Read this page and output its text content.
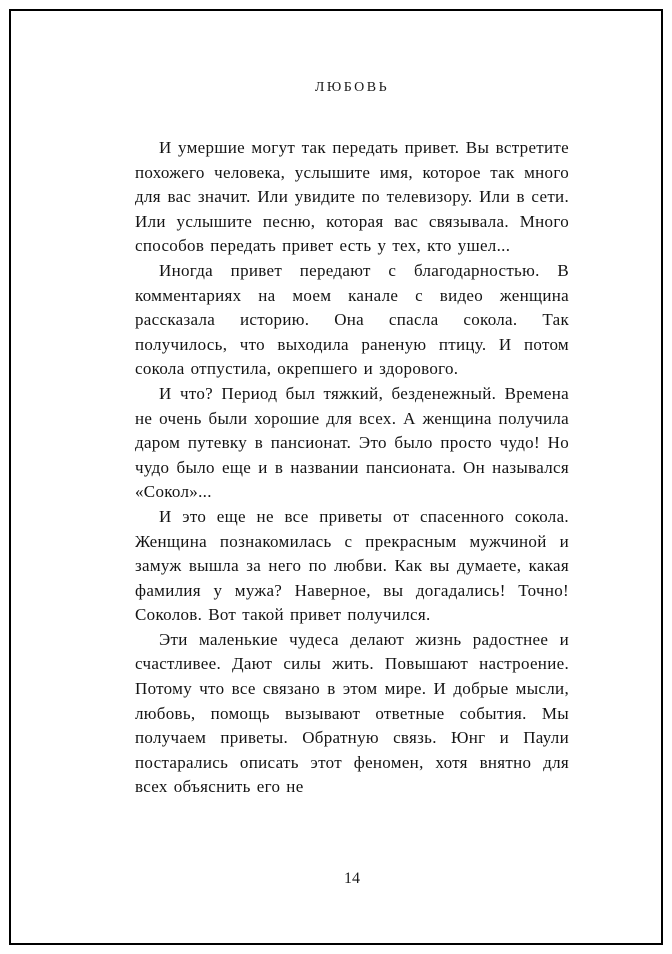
ЛЮБОВЬ

И умершие могут так передать привет. Вы встретите похожего человека, услышите имя, которое так много для вас значит. Или увидите по телевизору. Или в сети. Или услышите песню, которая вас связывала. Много способов передать привет есть у тех, кто ушел...

Иногда привет передают с благодарностью. В комментариях на моем канале с видео женщина рассказала историю. Она спасла сокола. Так получилось, что выходила раненую птицу. И потом сокола отпустила, окрепшего и здорового.

И что? Период был тяжкий, безденежный. Времена не очень были хорошие для всех. А женщина получила даром путевку в пансионат. Это было просто чудо! Но чудо было еще и в названии пансионата. Он назывался «Сокол»...

И это еще не все приветы от спасенного сокола. Женщина познакомилась с прекрасным мужчиной и замуж вышла за него по любви. Как вы думаете, какая фамилия у мужа? Наверное, вы догадались! Точно! Соколов. Вот такой привет получился.

Эти маленькие чудеса делают жизнь радостнее и счастливее. Дают силы жить. Повышают настроение. Потому что все связано в этом мире. И добрые мысли, любовь, помощь вызывают ответные события. Мы получаем приветы. Обратную связь. Юнг и Паули постарались описать этот феномен, хотя внятно для всех объяснить его не

14
